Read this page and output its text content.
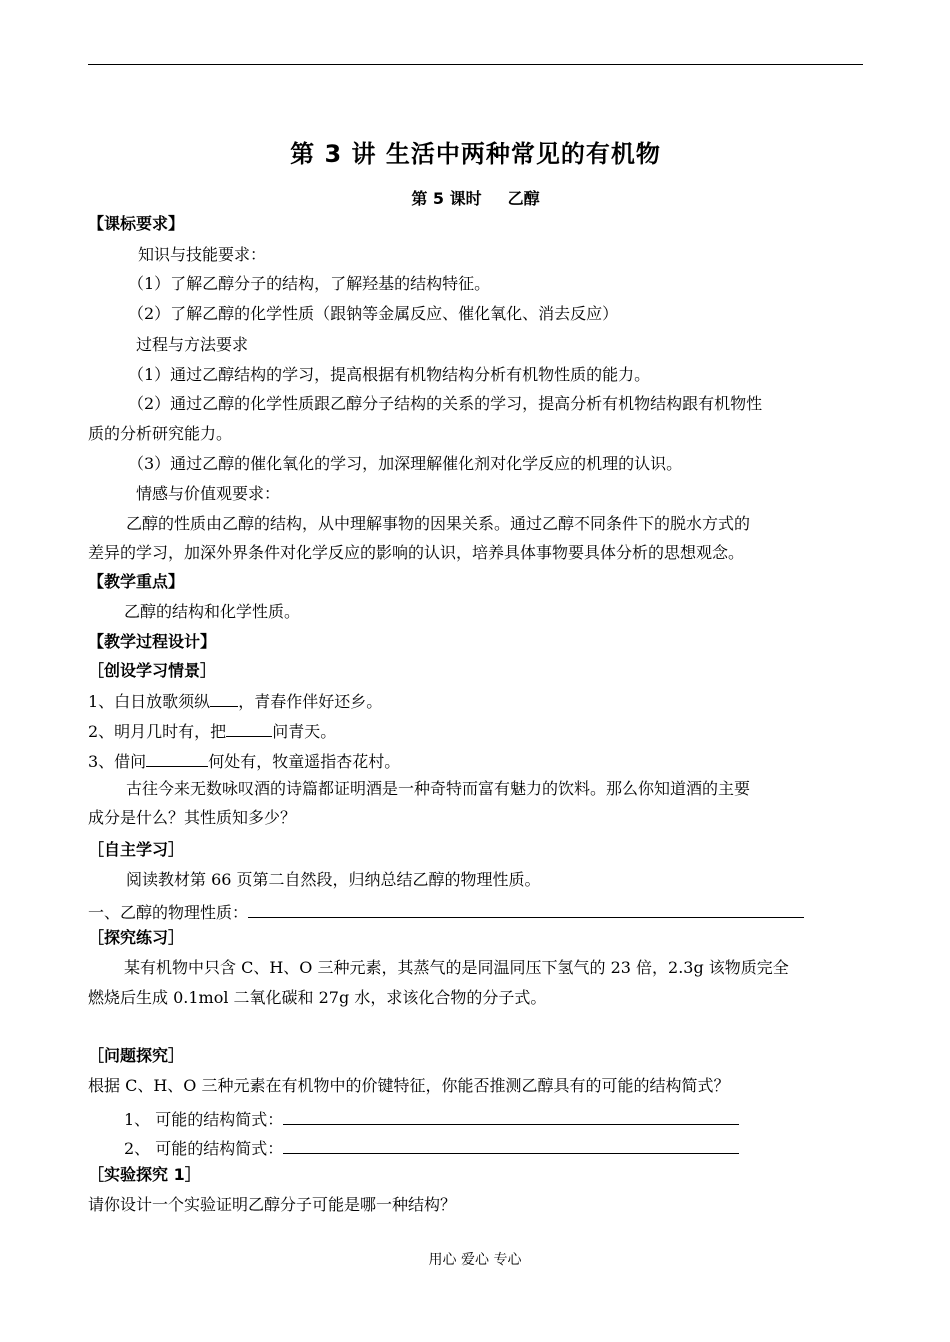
第 3 讲 生活中两种常见的有机物
第 5 课时 乙醇
【课标要求】
知识与技能要求：
（1）了解乙醇分子的结构，了解羟基的结构特征。
（2）了解乙醇的化学性质（跟钠等金属反应、催化氧化、消去反应）
过程与方法要求
（1）通过乙醇结构的学习，提高根据有机物结构分析有机物性质的能力。
（2）通过乙醇的化学性质跟乙醇分子结构的关系的学习，提高分析有机物结构跟有机物性
质的分析研究能力。
（3）通过乙醇的催化氧化的学习，加深理解催化剂对化学反应的机理的认识。
情感与价值观要求：
乙醇的性质由乙醇的结构，从中理解事物的因果关系。通过乙醇不同条件下的脱水方式的
差异的学习，加深外界条件对化学反应的影响的认识，培养具体事物要具体分析的思想观念。
【教学重点】
乙醇的结构和化学性质。
【教学过程设计】
［创设学习情景］
1、白日放歌须纵 ，青春作伴好还乡。
2、明月几时有，把	问青天。
3、借问	何处有，牧童遥指杏花村。
古往今来无数咏叹酒的诗篇都证明酒是一种奇特而富有魅力的饮料。那么你知道酒的主要
成分是什么？其性质知多少？
［自主学习］
阅读教材第 66 页第二自然段，归纳总结乙醇的物理性质。
一、乙醇的物理性质：
［探究练习］
某有机物中只含 C、H、O 三种元素，其蒸气的是同温同压下氢气的 23 倍，2.3g 该物质完全
燃烧后生成 0.1mol 二氧化碳和 27g 水，求该化合物的分子式。
［问题探究］
根据 C、H、O 三种元素在有机物中的价键特征，你能否推测乙醇具有的可能的结构简式？
1、 可能的结构简式：
2、 可能的结构简式：
［实验探究 1］
请你设计一个实验证明乙醇分子可能是哪一种结构？
用心 爱心 专心
